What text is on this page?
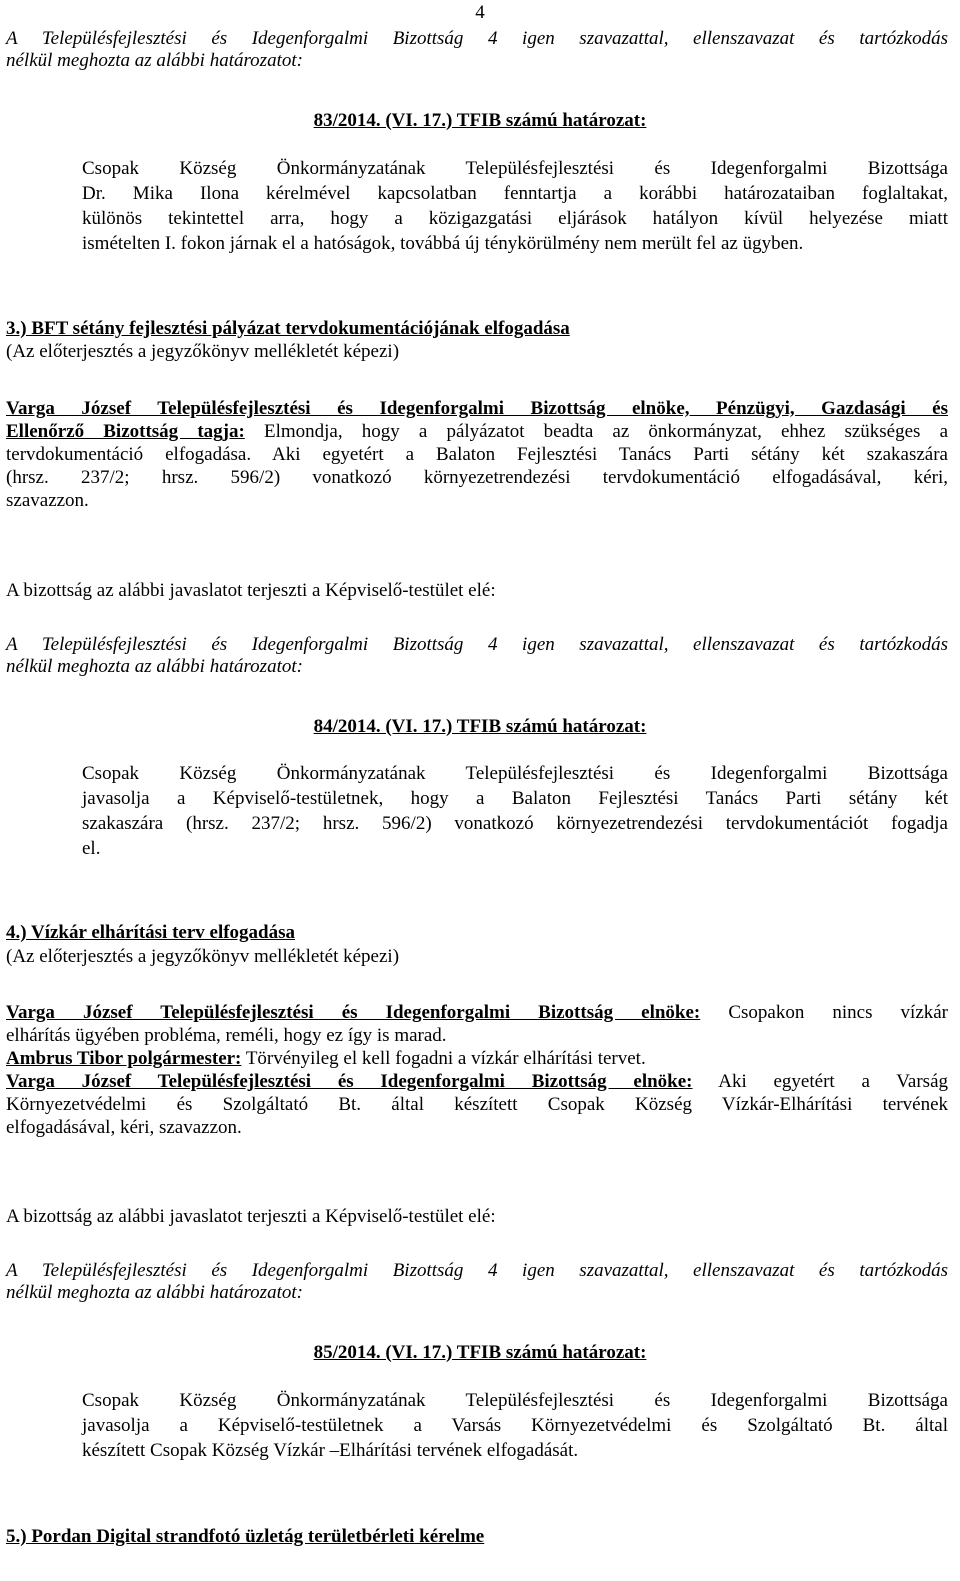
4
A Településfejlesztési és Idegenforgalmi Bizottság 4 igen szavazattal, ellenszavazat és tartózkodás
nélkül meghozta az alábbi határozatot:
83/2014. (VI. 17.) TFIB számú határozat:
Csopak Község Önkormányzatának Településfejlesztési és Idegenforgalmi Bizottsága
Dr. Mika Ilona kérelmével kapcsolatban fenntartja a korábbi határozataiban foglaltakat,
különös tekintettel arra, hogy a közigazgatási eljárások hatályon kívül helyezése miatt
ismételten I. fokon járnak el a hatóságok, továbbá új ténykörülmény nem merült fel az ügyben.
3.) BFT sétány fejlesztési pályázat tervdokumentációjának elfogadása
(Az előterjesztés a jegyzőkönyv mellékletét képezi)
Varga József Településfejlesztési és Idegenforgalmi Bizottság elnöke, Pénzügyi, Gazdasági és
Ellenőrző Bizottság tagja: Elmondja, hogy a pályázatot beadta az önkormányzat, ehhez szükséges a
tervdokumentáció elfogadása. Aki egyetért a Balaton Fejlesztési Tanács Parti sétány két szakaszára
(hrsz. 237/2; hrsz. 596/2) vonatkozó környezetrendezési tervdokumentáció elfogadásával, kéri,
szavazzon.
A bizottság az alábbi javaslatot terjeszti a Képviselő-testület elé:
A Településfejlesztési és Idegenforgalmi Bizottság 4 igen szavazattal, ellenszavazat és tartózkodás
nélkül meghozta az alábbi határozatot:
84/2014. (VI. 17.) TFIB számú határozat:
Csopak Község Önkormányzatának Településfejlesztési és Idegenforgalmi Bizottsága
javasolja a Képviselő-testületnek, hogy a Balaton Fejlesztési Tanács Parti sétány két
szakaszára (hrsz. 237/2; hrsz. 596/2) vonatkozó környezetrendezési tervdokumentációt fogadja
el.
4.) Vízkár elhárítási terv elfogadása
(Az előterjesztés a jegyzőkönyv mellékletét képezi)
Varga József Településfejlesztési és Idegenforgalmi Bizottság elnöke: Csopakon nincs vízkár
elhárítás ügyében probléma, reméli, hogy ez így is marad.
Ambrus Tibor polgármester: Törvényileg el kell fogadni a vízkár elhárítási tervet.
Varga József Településfejlesztési és Idegenforgalmi Bizottság elnöke: Aki egyetért a Varság
Környezetvédelmi és Szolgáltató Bt. által készített Csopak Község Vízkár-Elhárítási tervének
elfogadásával, kéri, szavazzon.
A bizottság az alábbi javaslatot terjeszti a Képviselő-testület elé:
A Településfejlesztési és Idegenforgalmi Bizottság 4 igen szavazattal, ellenszavazat és tartózkodás
nélkül meghozta az alábbi határozatot:
85/2014. (VI. 17.) TFIB számú határozat:
Csopak Község Önkormányzatának Településfejlesztési és Idegenforgalmi Bizottsága
javasolja a Képviselő-testületnek a Varsás Környezetvédelmi és Szolgáltató Bt. által
készített Csopak Község Vízkár –Elhárítási tervének elfogadását.
5.) Pordan Digital strandfotó üzletág területbérleti kérelme
